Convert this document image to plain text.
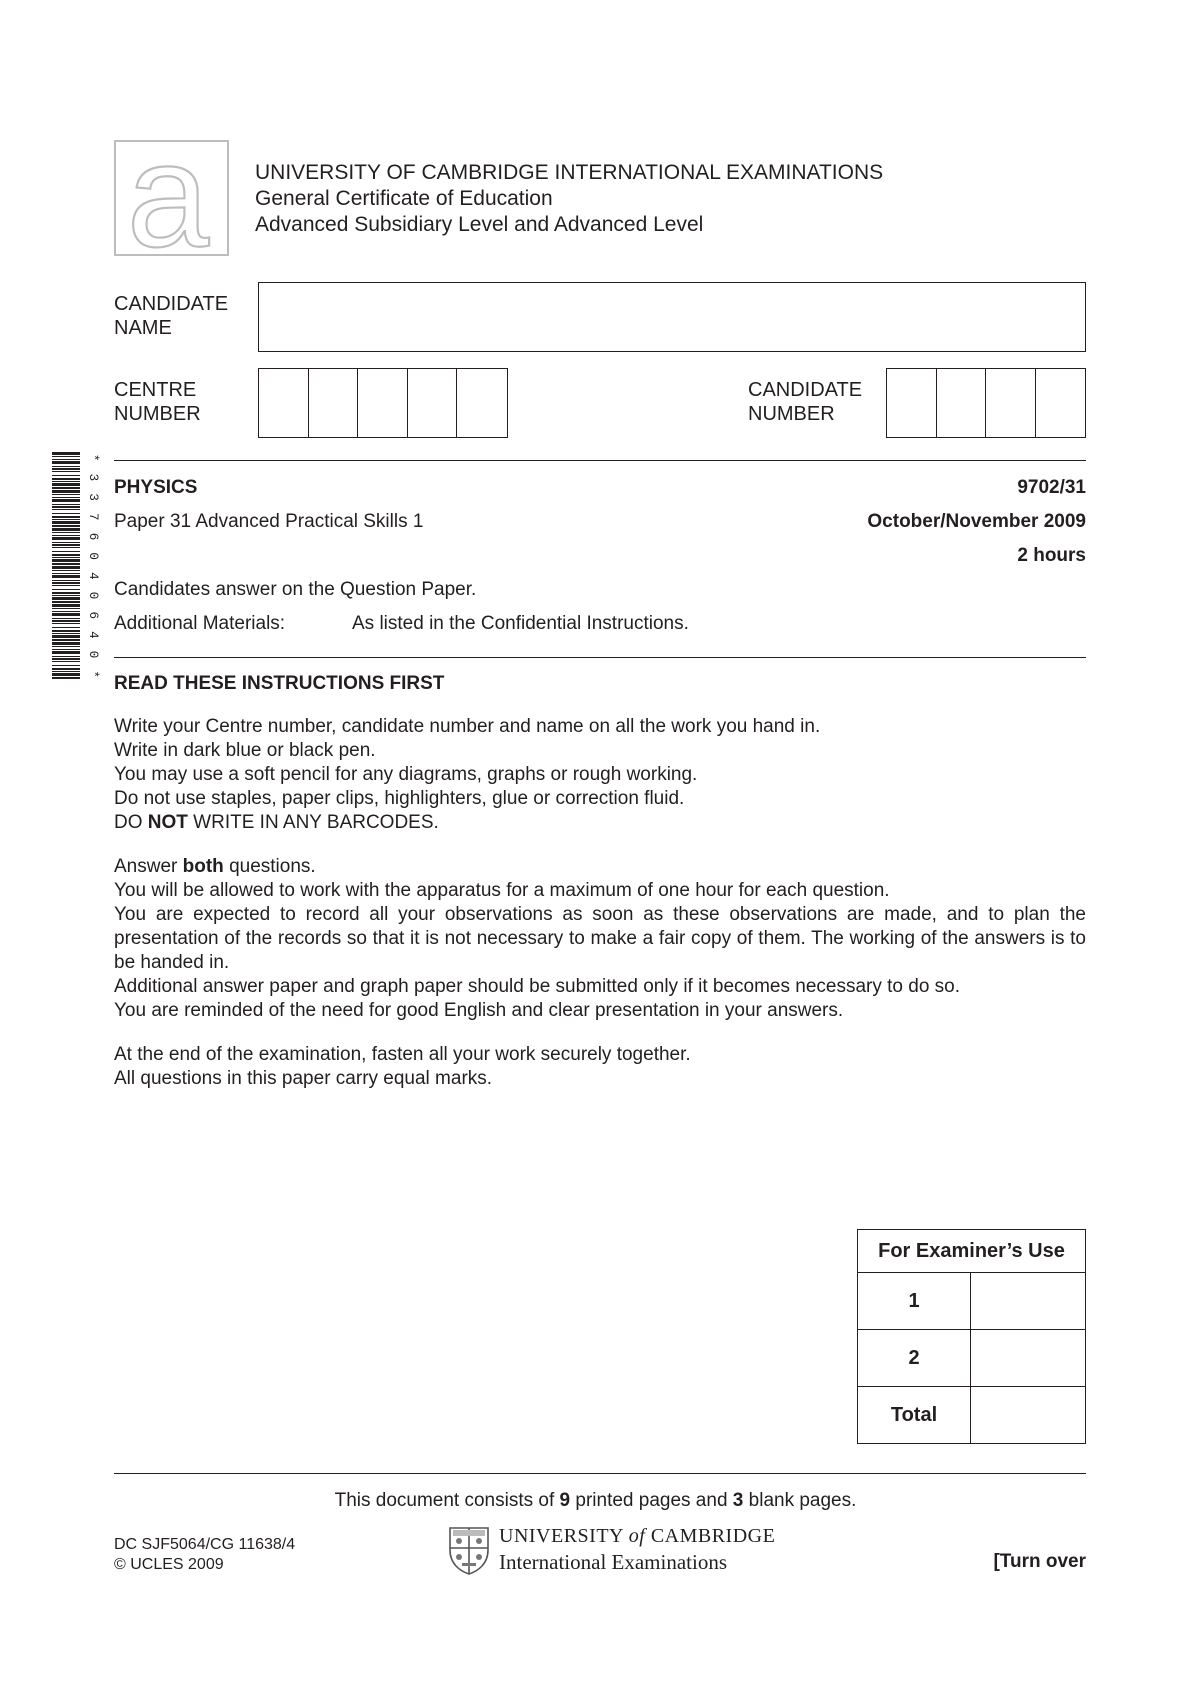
a UNIVERSITY OF CAMBRIDGE INTERNATIONAL EXAMINATIONS
General Certificate of Education
Advanced Subsidiary Level and Advanced Level
CANDIDATE
NAME
CENTRE
NUMBER
CANDIDATE
NUMBER
*3376040640*
PHYSICS	9702/31
Paper 31 Advanced Practical Skills 1	October/November 2009
2 hours
Candidates answer on the Question Paper.
Additional Materials:	As listed in the Confidential Instructions.
READ THESE INSTRUCTIONS FIRST

Write your Centre number, candidate number and name on all the work you hand in.

Write in dark blue or black pen.

You may use a soft pencil for any diagrams, graphs or rough working.

Do not use staples, paper clips, highlighters, glue or correction fluid.

DO NOT WRITE IN ANY BARCODES.

Answer both questions.

You will be allowed to work with the apparatus for a maximum of one hour for each question.

You are expected to record all your observations as soon as these observations are made, and to plan the presentation of the records so that it is not necessary to make a fair copy of them. The working of the answers is to be handed in.

Additional answer paper and graph paper should be submitted only if it becomes necessary to do so.

You are reminded of the need for good English and clear presentation in your answers.

At the end of the examination, fasten all your work securely together.

All questions in this paper carry equal marks.

For Examiner’s Use	
1	
2	
Total	
This document consists of 9 printed pages and 3 blank pages.
DC SJF5064/CG 11638/4
© UCLES 2009
UNIVERSITY of CAMBRIDGE
International Examinations	[Turn over
